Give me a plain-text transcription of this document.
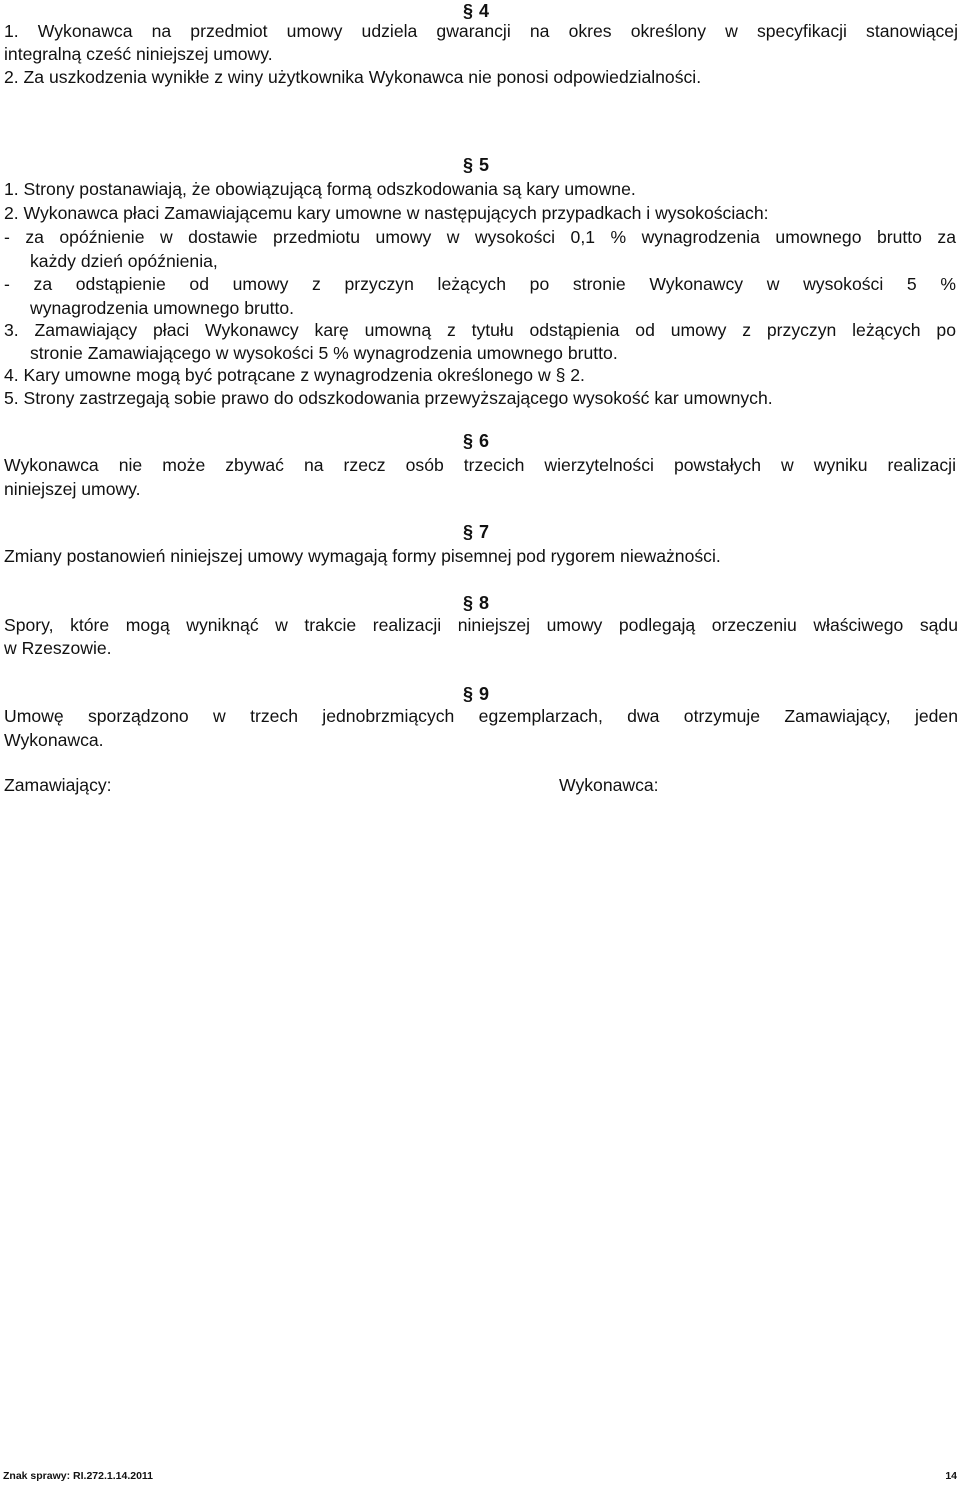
§ 4
1. Wykonawca na przedmiot umowy udziela gwarancji na okres określony w specyfikacji stanowiącej
integralną cześć niniejszej umowy.
2. Za uszkodzenia wynikłe z winy użytkownika Wykonawca nie ponosi odpowiedzialności.
§ 5
1. Strony postanawiają, że obowiązującą formą odszkodowania są kary umowne.
2. Wykonawca płaci Zamawiającemu kary umowne w następujących przypadkach i wysokościach:
- za opóźnienie w dostawie przedmiotu umowy w wysokości 0,1 % wynagrodzenia umownego brutto za
każdy dzień opóźnienia,
- za odstąpienie od umowy z przyczyn leżących po stronie Wykonawcy w wysokości 5 %
wynagrodzenia umownego brutto.
3. Zamawiający płaci Wykonawcy karę umowną z tytułu odstąpienia od umowy z przyczyn leżących po
stronie Zamawiającego w wysokości 5 % wynagrodzenia umownego brutto.
4. Kary umowne mogą być potrącane z wynagrodzenia określonego w § 2.
5. Strony zastrzegają sobie prawo do odszkodowania przewyższającego wysokość kar umownych.
§ 6
Wykonawca nie może zbywać na rzecz osób trzecich wierzytelności powstałych w wyniku realizacji
niniejszej umowy.
§ 7
Zmiany postanowień niniejszej umowy wymagają formy pisemnej pod rygorem nieważności.
§ 8
Spory, które mogą wyniknąć w trakcie realizacji niniejszej umowy podlegają orzeczeniu właściwego sądu
w Rzeszowie.
§ 9
Umowę sporządzono w trzech jednobrzmiących egzemplarzach, dwa otrzymuje Zamawiający, jeden
Wykonawca.
Zamawiający:	Wykonawca:
Znak sprawy: RI.272.1.14.2011	14
